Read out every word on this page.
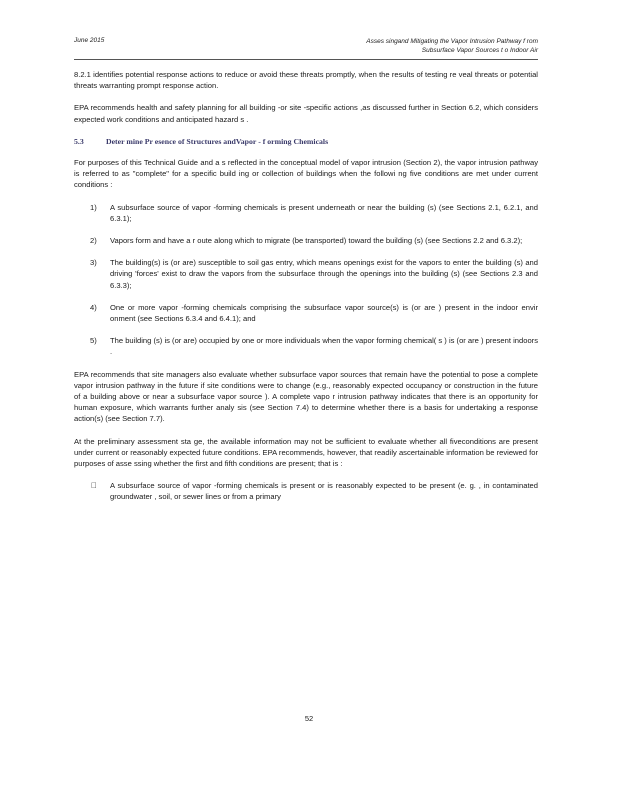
June 2015	Asses singand Mitigating the Vapor Intrusion Pathway f rom
Subsurface Vapor Sources t o Indoor Air

8.2.1 identifies potential response actions to reduce or avoid these threats promptly, when the results of testing re veal threats or potential threats warranting prompt response action.

EPA recommends health and safety planning for all building -or site -specific actions ,as discussed further in Section 6.2, which considers expected work conditions and anticipated hazard s .

5.3	Deter mine Pr esence of Structures andVapor - f orming Chemicals

For purposes of this Technical Guide and a s reflected in the conceptual model of vapor intrusion (Section 2), the vapor intrusion pathway is referred to as "complete" for a specific build ing or collection of buildings when the followi ng five conditions are met under current conditions :

1) A subsurface source of vapor -forming chemicals is present underneath or near the building (s) (see Sections 2.1, 6.2.1, and 6.3.1);
2) Vapors form and have a r oute along which to migrate (be transported) toward the building (s) (see Sections 2.2 and 6.3.2);
3) The building(s) is (or are) susceptible to soil gas entry, which means openings exist for the vapors to enter the building (s) and driving 'forces' exist to draw the vapors from the subsurface through the openings into the building (s) (see Sections 2.3 and 6.3.3);
4) One or more vapor -forming chemicals comprising the subsurface vapor source(s) is (or are ) present in the indoor envir onment (see Sections 6.3.4 and 6.4.1); and
5) The building (s) is (or are) occupied by one or more individuals when the vapor forming chemical( s ) is (or are ) present indoors .

EPA recommends that site managers also evaluate whether subsurface vapor sources that remain have the potential to pose a complete vapor intrusion pathway in the future if site conditions were to change (e.g., reasonably expected occupancy or construction in the future of a building above or near a subsurface vapor source ). A complete vapo r intrusion pathway indicates that there is an opportunity for human exposure, which warrants further analy sis (see Section 7.4) to determine whether there is a basis for undertaking a response action(s) (see Section 7.7).

At the preliminary assessment sta ge, the available information may not be sufficient to evaluate whether all fiveconditions are present under current or reasonably expected future conditions. EPA recommends, however, that readily ascertainable information be reviewed for purposes of asse ssing whether the first and fifth conditions are present; that is :

A subsurface source of vapor -forming chemicals is present or is reasonably expected to be present (e. g. , in contaminated groundwater , soil, or sewer lines or from a primary
52
